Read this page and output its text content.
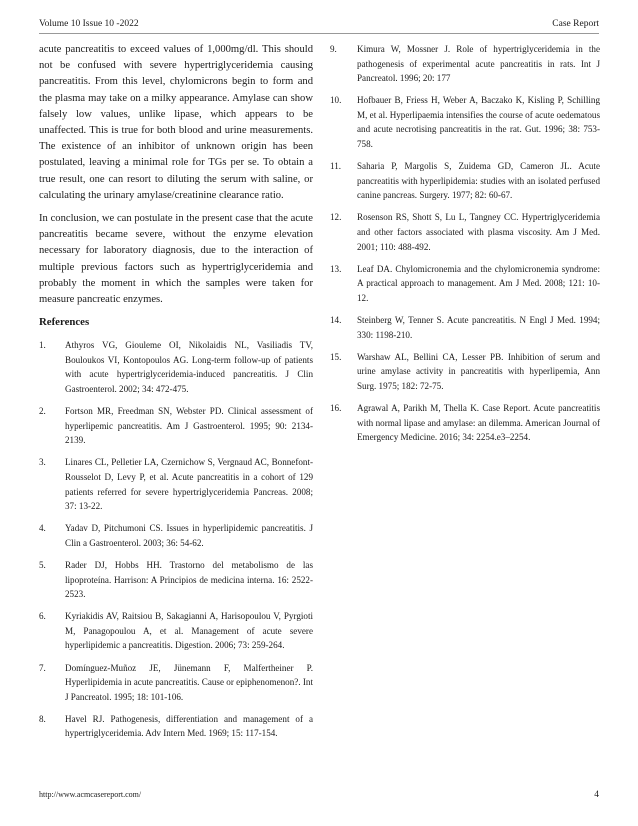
Volume 10 Issue 10 -2022	Case Report

acute pancreatitis to exceed values of 1,000mg/dl. This should not be confused with severe hypertriglyceridemia causing pancreatitis. From this level, chylomicrons begin to form and the plasma may take on a milky appearance. Amylase can show falsely low values, unlike lipase, which appears to be unaffected. This is true for both blood and urine measurements. The existence of an inhibitor of unknown origin has been postulated, leaving a minimal role for TGs per se. To obtain a true result, one can resort to diluting the serum with saline, or calculating the urinary amylase/creatinine clearance ratio.

In conclusion, we can postulate in the present case that the acute pancreatitis became severe, without the enzyme elevation necessary for laboratory diagnosis, due to the interaction of multiple previous factors such as hypertriglyceridemia and probably the moment in which the samples were taken for measure pancreatic enzymes.

References
1.	Athyros VG, Giouleme OI, Nikolaidis NL, Vasiliadis TV, Bouloukos VI, Kontopoulos AG. Long-term follow-up of patients with acute hypertriglyceridemia-induced pancreatitis. J Clin Gastroenterol. 2002; 34: 472-475.
2.	Fortson MR, Freedman SN, Webster PD. Clinical assessment of hyperlipemic pancreatitis. Am J Gastroenterol. 1995; 90: 2134-2139.
3.	Linares CL, Pelletier LA, Czernichow S, Vergnaud AC, Bonnefont-Rousselot D, Levy P, et al. Acute pancreatitis in a cohort of 129 patients referred for severe hypertriglyceridemia Pancreas. 2008; 37: 13-22.
4.	Yadav D, Pitchumoni CS. Issues in hyperlipidemic pancreatitis. J Clin a Gastroenterol. 2003; 36: 54-62.
5.	Rader DJ, Hobbs HH. Trastorno del metabolismo de las lipoproteína. Harrison: A Principios de medicina interna. 16: 2522-2523.
6.	Kyriakidis AV, Raitsiou B, Sakagianni A, Harisopoulou V, Pyrgioti M, Panagopoulou A, et al. Management of acute severe hyperlipidemic a pancreatitis. Digestion. 2006; 73: 259-264.
7.	Domínguez-Muñoz JE, Jünemann F, Malfertheiner P. Hyperlipidemia in acute pancreatitis. Cause or epiphenomenon?. Int J Pancreatol. 1995; 18: 101-106.
8.	Havel RJ. Pathogenesis, differentiation and management of a hypertriglyceridemia. Adv Intern Med. 1969; 15: 117-154.
9.	Kimura W, Mossner J. Role of hypertriglyceridemia in the pathogenesis of experimental acute pancreatitis in rats. Int J Pancreatol. 1996; 20: 177
10.	Hofbauer B, Friess H, Weber A, Baczako K, Kisling P, Schilling M, et al. Hyperlipaemia intensifies the course of acute oedematous and acute necrotising pancreatitis in the rat. Gut. 1996; 38: 753-758.
11.	Saharia P, Margolis S, Zuidema GD, Cameron JL. Acute pancreatitis with hyperlipidemia: studies with an isolated perfused canine pancreas. Surgery. 1977; 82: 60-67.
12.	Rosenson RS, Shott S, Lu L, Tangney CC. Hypertriglyceridemia and other factors associated with plasma viscosity. Am J Med. 2001; 110: 488-492.
13.	Leaf DA. Chylomicronemia and the chylomicronemia syndrome: A practical approach to management. Am J Med. 2008; 121: 10-12.
14.	Steinberg W, Tenner S. Acute pancreatitis. N Engl J Med. 1994; 330: 1198-210.
15.	Warshaw AL, Bellini CA, Lesser PB. Inhibition of serum and urine amylase activity in pancreatitis with hyperlipemia, Ann Surg. 1975; 182: 72-75.
16.	Agrawal A, Parikh M, Thella K. Case Report. Acute pancreatitis with normal lipase and amylase: an dilemma. American Journal of Emergency Medicine. 2016; 34: 2254.e3–2254.
http://www.acmcasereport.com/	4
